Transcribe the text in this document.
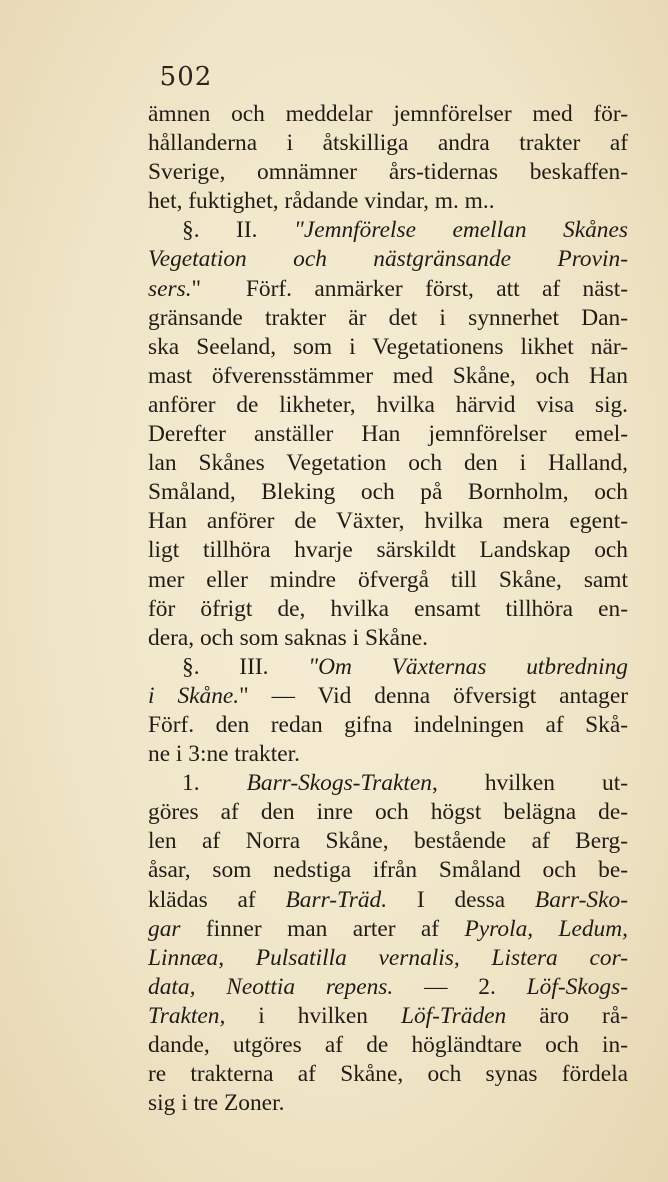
502
ämnen och meddelar jemnförelser med för-
hållanderna i åtskilliga andra trakter af
Sverige, omnämner års-tidernas beskaffen-
het, fuktighet, rådande vindar, m. m..
§. II. "Jemnförelse emellan Skånes
Vegetation och nästgränsande Provin-
sers."  Förf. anmärker först, att af näst-
gränsande trakter är det i synnerhet Dan-
ska Seeland, som i Vegetationens likhet när-
mast öfverensstämmer med Skåne, och Han
anförer de likheter, hvilka härvid visa sig.
Derefter anställer Han jemnförelser emel-
lan Skånes Vegetation och den i Halland,
Småland, Bleking och på Bornholm, och
Han anförer de Växter, hvilka mera egent-
ligt tillhöra hvarje särskildt Landskap och
mer eller mindre öfvergå till Skåne, samt
för öfrigt de, hvilka ensamt tillhöra en-
dera, och som saknas i Skåne.
§. III. "Om Växternas utbredning
i Skåne." — Vid denna öfversigt antager
Förf. den redan gifna indelningen af Skå-
ne i 3:ne trakter.
1. Barr-Skogs-Trakten, hvilken ut-
göres af den inre och högst belägna de-
len af Norra Skåne, bestående af Berg-
åsar, som nedstiga ifrån Småland och be-
klädas af Barr-Träd. I dessa Barr-Sko-
gar finner man arter af Pyrola, Ledum,
Linnæa, Pulsatilla vernalis, Listera cor-
data, Neottia repens. — 2. Löf-Skogs-
Trakten, i hvilken Löf-Träden äro rå-
dande, utgöres af de högländtare och in-
re trakterna af Skåne, och synas fördela
sig i tre Zoner.
